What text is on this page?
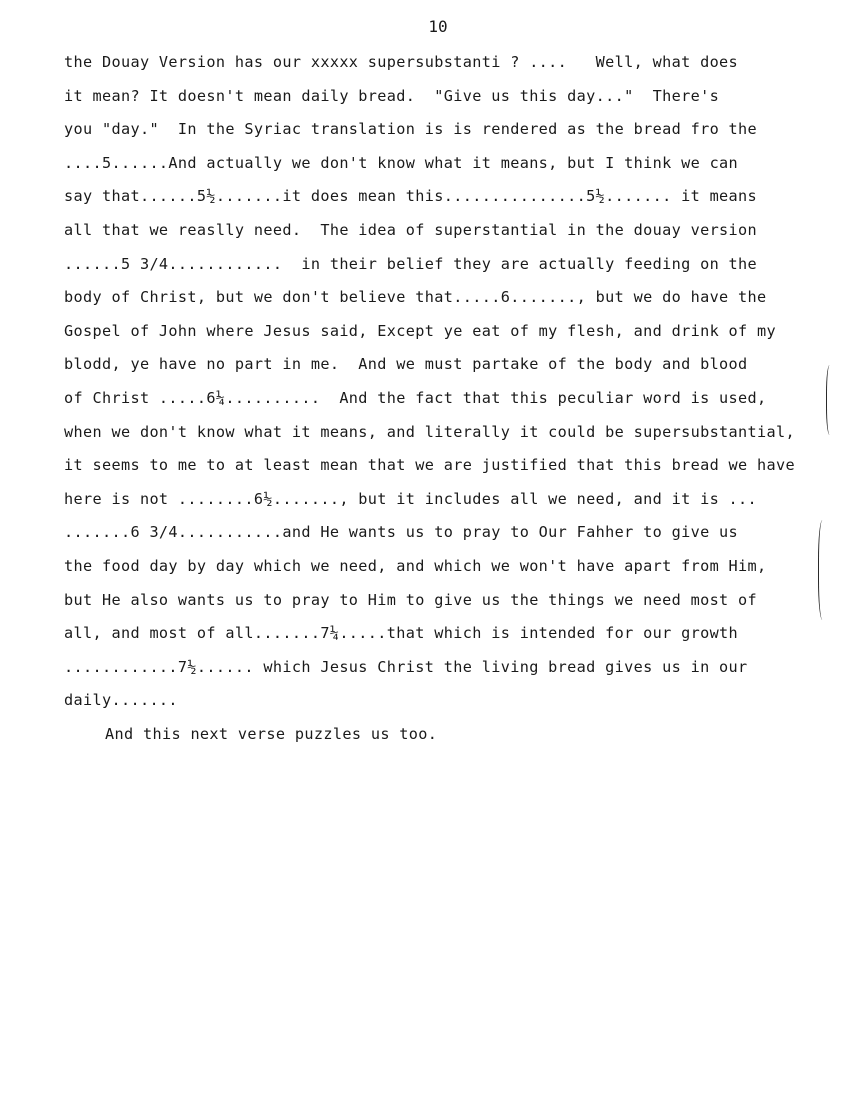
10
the Douay Version has our xxxxx supersubstanti ? ....   Well, what does
it mean? It doesn't mean daily bread.  "Give us this day..."  There's
you "day."  In the Syriac translation is is rendered as the bread fro the
....5......And actually we don't know what it means, but I think we can
say that......5½.......it does mean this...............5½....... it means
all that we reaslly need.  The idea of superstantial in the douay version
......5 3/4............  in their belief they are actually feeding on the
body of Christ, but we don't believe that.....6......., but we do have the
Gospel of John where Jesus said, Except ye eat of my flesh, and drink of my
blodd, ye have no part in me.  And we must partake of the body and blood
of Christ .....6¼..........  And the fact that this peculiar word is used,
when we don't know what it means, and literally it could be supersubstantial,
it seems to me to at least mean that we are justified that this bread we have
here is not ........6½......., but it includes all we need, and it is ...
.......6 3/4...........and He wants us to pray to Our Fahher to give us
the food day by day which we need, and which we won't have apart from Him,
but He also wants us to pray to Him to give us the things we need most of
all, and most of all.......7¼.....that which is intended for our growth
............7½...... which Jesus Christ the living bread gives us in our
daily.......
And this next verse puzzles us too.
